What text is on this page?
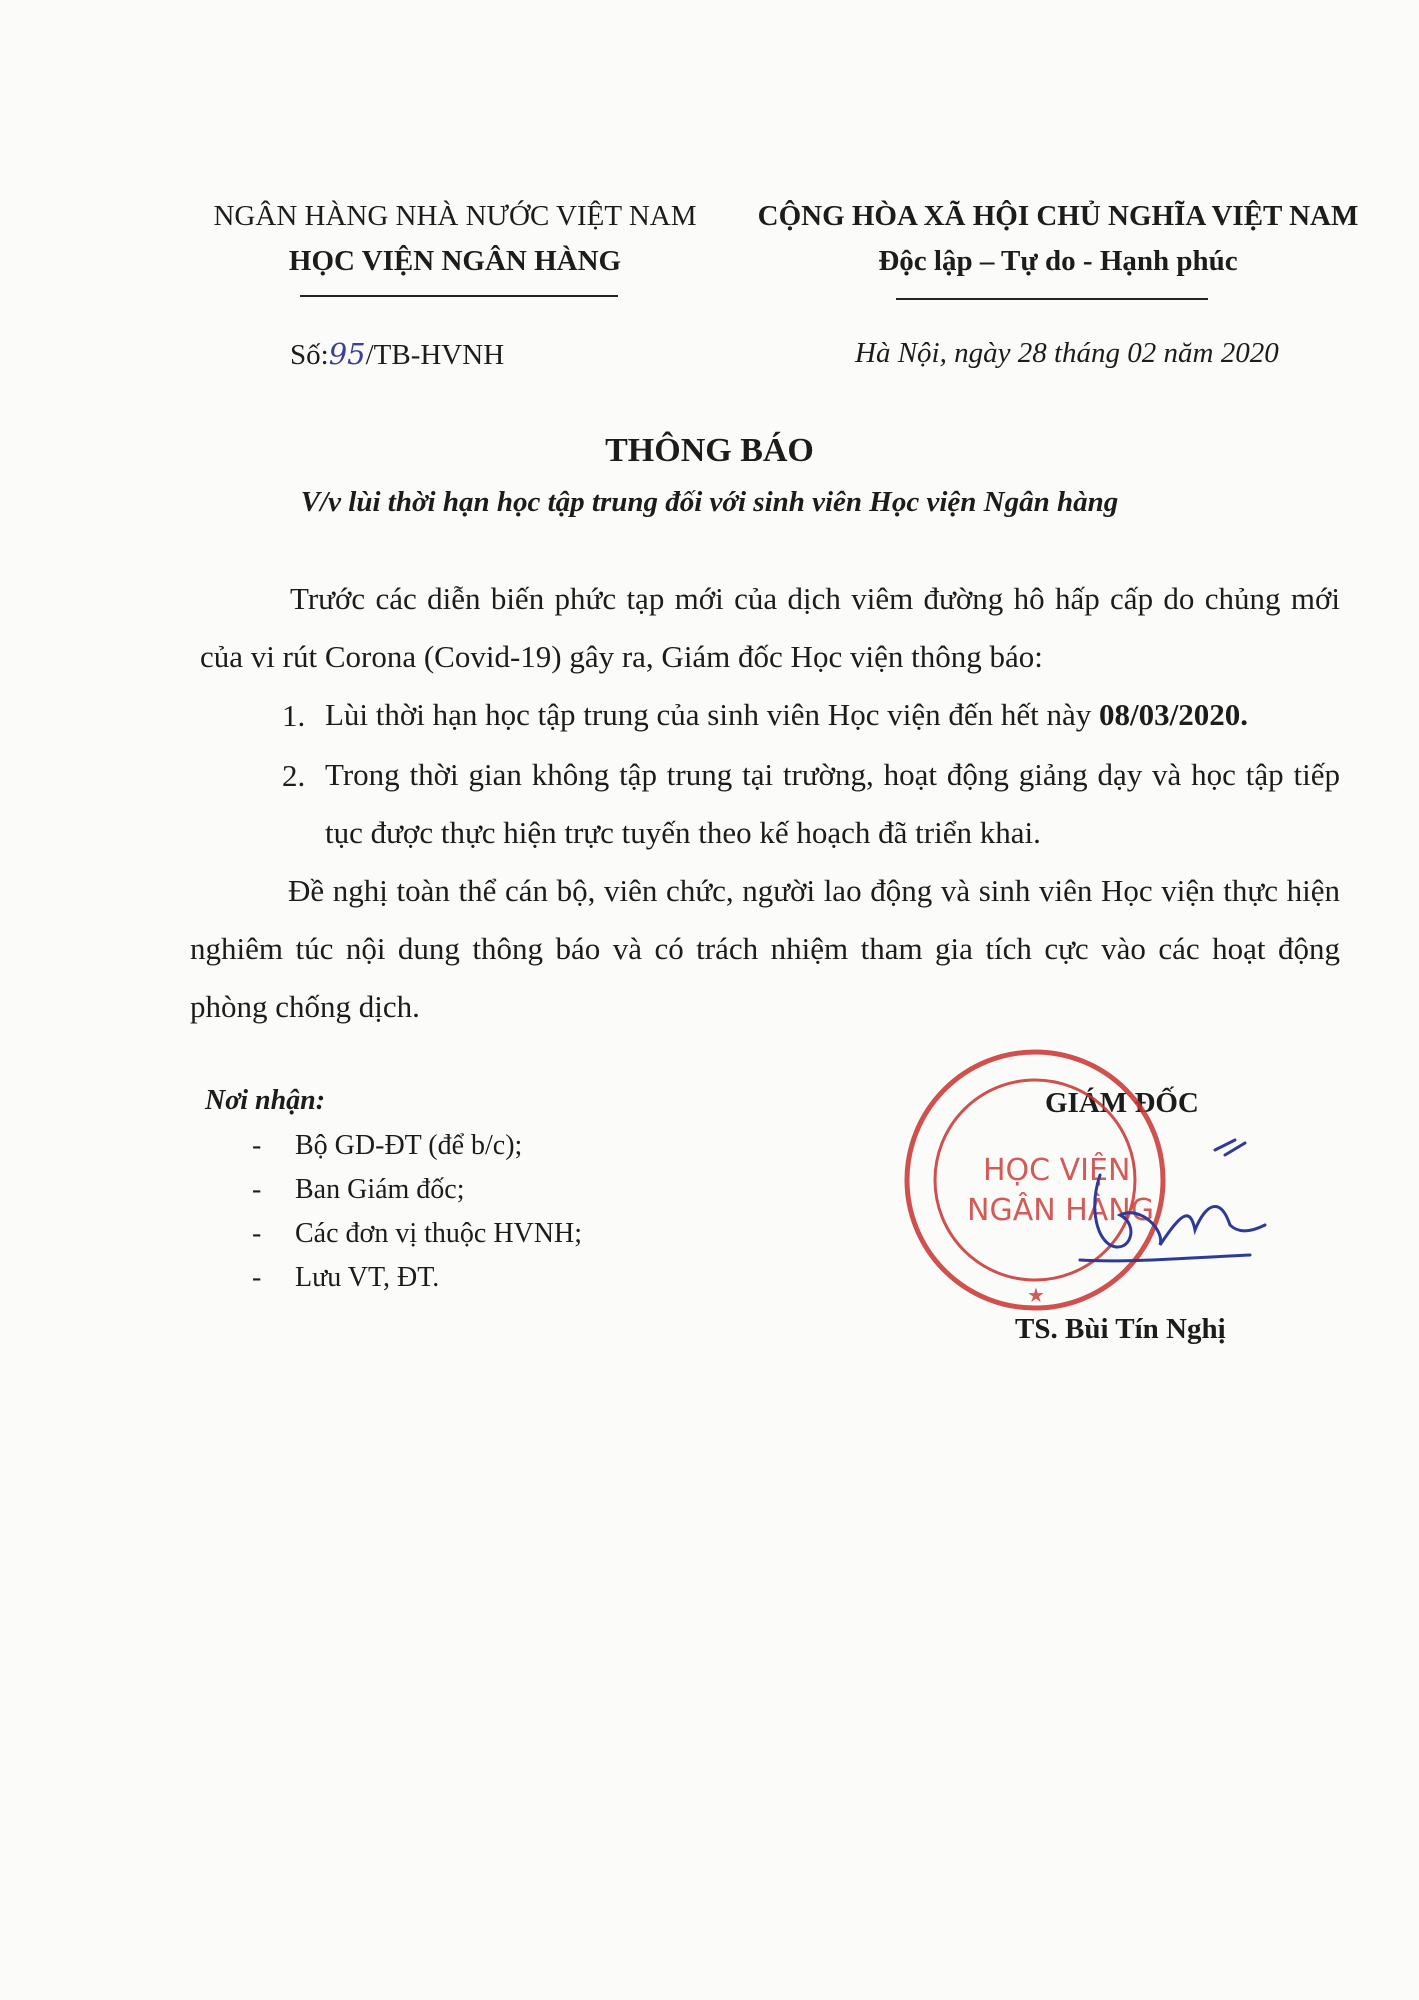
NGÂN HÀNG NHÀ NƯỚC VIỆT NAM
HỌC VIỆN NGÂN HÀNG
CỘNG HÒA XÃ HỘI CHỦ NGHĨA VIỆT NAM
Độc lập – Tự do - Hạnh phúc
Số:95/TB-HVNH	Hà Nội, ngày 28 tháng 02 năm 2020
THÔNG BÁO
V/v lùi thời hạn học tập trung đối với sinh viên Học viện Ngân hàng
Trước các diễn biến phức tạp mới của dịch viêm đường hô hấp cấp do chủng mới của vi rút Corona (Covid-19) gây ra, Giám đốc Học viện thông báo:
1. Lùi thời hạn học tập trung của sinh viên Học viện đến hết này 08/03/2020.
2. Trong thời gian không tập trung tại trường, hoạt động giảng dạy và học tập tiếp tục được thực hiện trực tuyến theo kế hoạch đã triển khai.
Đề nghị toàn thể cán bộ, viên chức, người lao động và sinh viên Học viện thực hiện nghiêm túc nội dung thông báo và có trách nhiệm tham gia tích cực vào các hoạt động phòng chống dịch.
Nơi nhận:
- Bộ GD-ĐT (để b/c);
- Ban Giám đốc;
- Các đơn vị thuộc HVNH;
- Lưu VT, ĐT.
GIÁM ĐỐC
HỌC VIỆN
NGÂN HÀNG
★
TS. Bùi Tín Nghị
